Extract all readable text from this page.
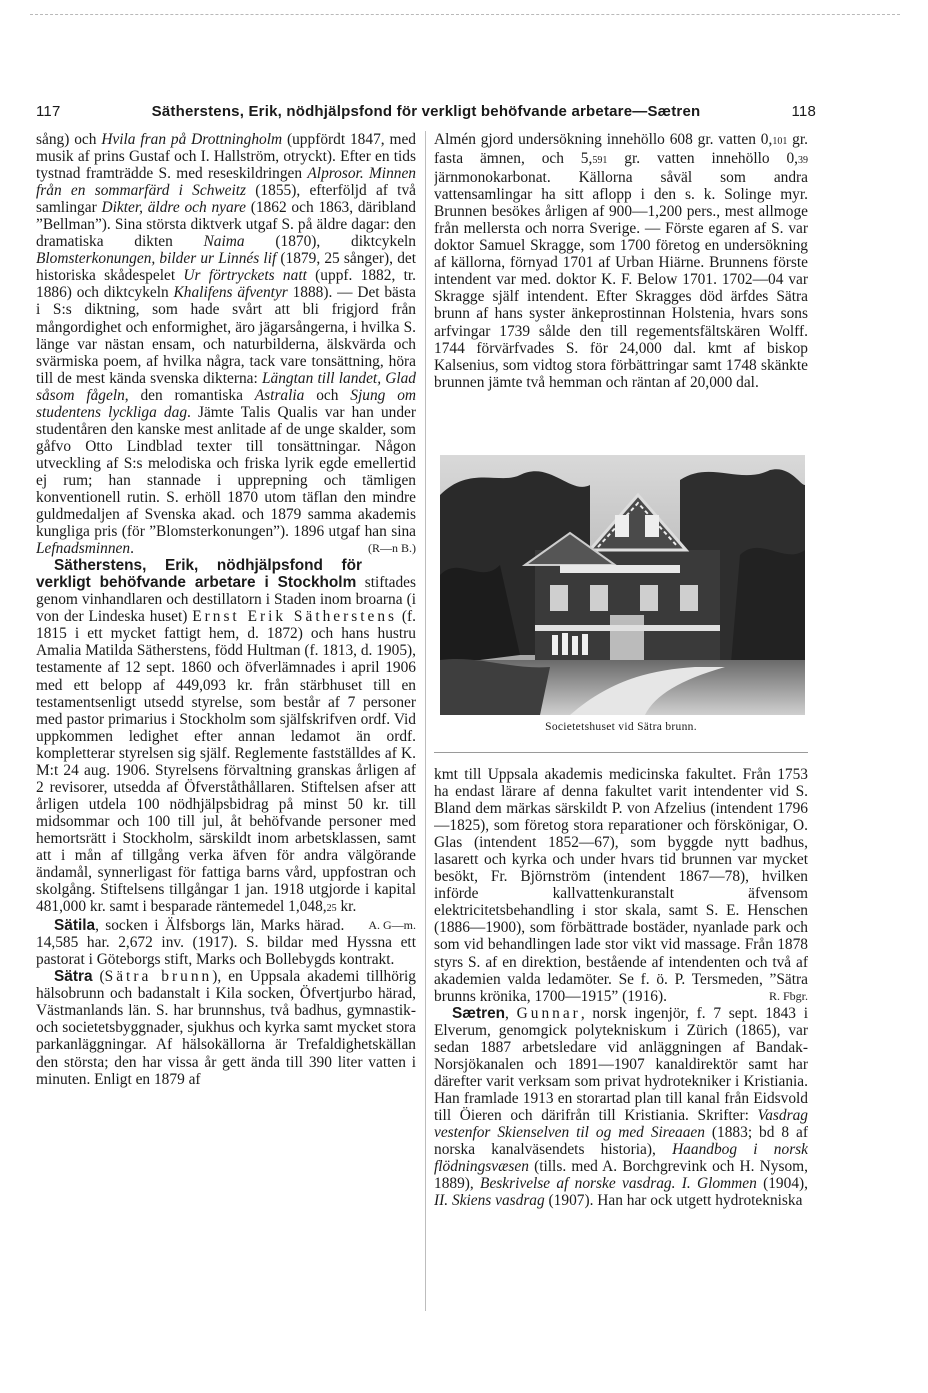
117	Sätherstens, Erik, nödhjälpsfond för verkligt behöfvande arbetare—Sætren	118

sång) och Hvila fran på Drottningholm (uppfördt 1847, med musik af prins Gustaf och I. Hallström, otryckt). Efter en tids tystnad framträdde S. med reseskildringen Alprosor. Minnen från en sommarfärd i Schweitz (1855), efterföljd af två samlingar Dikter, äldre och nyare (1862 och 1863, däribland ”Bellman”). Sina största diktverk utgaf S. på äldre dagar: den dramatiska dikten Naima (1870), diktcykeln Blomsterkonungen, bilder ur Linnés lif (1879, 25 sånger), det historiska skådespelet Ur förtryckets natt (uppf. 1882, tr. 1886) och diktcykeln Khalifens äfventyr 1888). — Det bästa i S:s diktning, som hade svårt att bli frigjord från mångordighet och enformighet, äro jägarsångerna, i hvilka S. länge var nästan ensam, och naturbilderna, älskvärda och svärmiska poem, af hvilka några, tack vare tonsättning, höra till de mest kända svenska dikterna: Längtan till landet, Glad såsom fågeln, den romantiska Astralia och Sjung om studentens lyckliga dag. Jämte Talis Qualis var han under studentåren den kanske mest anlitade af de unge skalder, som gåfvo Otto Lindblad texter till tonsättningar. Någon utveckling af S:s melodiska och friska lyrik egde emellertid ej rum; han stannade i upprepning och tämligen konventionell rutin. S. erhöll 1870 utom täflan den mindre guldmedaljen af Svenska akad. och 1879 samma akademis kungliga pris (för ”Blomsterkonungen”). 1896 utgaf han sina Lefnadsminnen.	(R—n B.)

Sätherstens, Erik, nödhjälpsfond för verkligt behöfvande arbetare i Stockholm stiftades genom vinhandlaren och destillatorn i Staden inom broarna (i von der Lindeska huset) Ernst Erik Sätherstens (f. 1815 i ett mycket fattigt hem, d. 1872) och hans hustru Amalia Matilda Sätherstens, född Hultman (f. 1813, d. 1905), testamente af 12 sept. 1860 och öfverlämnades i april 1906 med ett belopp af 449,093 kr. från stärbhuset till en testamentsenligt utsedd styrelse, som består af 7 personer med pastor primarius i Stockholm som själfskrifven ordf. Vid uppkommen ledighet efter annan ledamot än ordf. kompletterar styrelsen sig själf. Reglemente fastställdes af K. M:t 24 aug. 1906. Styrelsens förvaltning granskas årligen af 2 revisorer, utsedda af Öfverståthållaren. Stiftelsen afser att årligen utdela 100 nödhjälpsbidrag på minst 50 kr. till midsommar och 100 till jul, åt behöfvande personer med hemortsrätt i Stockholm, särskildt inom arbetsklassen, samt att i mån af tillgång verka äfven för andra välgörande ändamål, synnerligast för fattiga barns vård, uppfostran och skolgång. Stiftelsens tillgångar 1 jan. 1918 utgjorde i kapital 481,000 kr. samt i besparade räntemedel 1,048,25 kr.
A. G—m.

Sätila, socken i Älfsborgs län, Marks härad. 14,585 har. 2,672 inv. (1917). S. bildar med Hyssna ett pastorat i Göteborgs stift, Marks och Bollebygds kontrakt.

Sätra (Sätra brunn), en Uppsala akademi tillhörig hälsobrunn och badanstalt i Kila socken, Öfvertjurbo härad, Västmanlands län. S. har brunnshus, två badhus, gymnastik- och societetsbyggnader, sjukhus och kyrka samt mycket stora parkanläggningar. Af hälsokällorna är Trefaldighetskällan den största; den har vissa år gett ända till 390 liter vatten i minuten. Enligt en 1879 af

Almén gjord undersökning innehöllo 608 gr. vatten 0,101 gr. fasta ämnen, och 5,591 gr. vatten innehöllo 0,39 järnmonokarbonat. Källorna såväl som andra vattensamlingar ha sitt aflopp i den s. k. Solinge myr. Brunnen besökes årligen af 900—1,200 pers., mest allmoge från mellersta och norra Sverige. — Förste egaren af S. var doktor Samuel Skragge, som 1700 företog en undersökning af källorna, förnyad 1701 af Urban Hiärne. Brunnens förste intendent var med. doktor K. F. Below 1701. 1702—04 var Skragge själf intendent. Efter Skragges död ärfdes Sätra brunn af hans syster änkeprostinnan Holstenia, hvars sons arfvingar 1739 sålde den till regementsfältskären Wolff. 1744 förvärfvades S. för 24,000 dal. kmt af biskop Kalsenius, som vidtog stora förbättringar samt 1748 skänkte brunnen jämte två hemman och räntan af 20,000 dal.

Societetshuset vid Sätra brunn.

kmt till Uppsala akademis medicinska fakultet. Från 1753 ha endast lärare af denna fakultet varit intendenter vid S. Bland dem märkas särskildt P. von Afzelius (intendent 1796—1825), som företog stora reparationer och förskönigar, O. Glas (intendent 1852—67), som byggde nytt badhus, lasarett och kyrka och under hvars tid brunnen var mycket besökt, Fr. Björnström (intendent 1867—78), hvilken införde kallvattenkuranstalt äfvensom elektricitetsbehandling i stor skala, samt S. E. Henschen (1886—1900), som förbättrade bostäder, nyanlade park och som vid behandlingen lade stor vikt vid massage. Från 1878 styrs S. af en direktion, bestående af intendenten och två af akademien valda ledamöter. Se f. ö. P. Tersmeden, ”Sätra brunns krönika, 1700—1915” (1916).	R. Fbgr.

Sætren, Gunnar, norsk ingenjör, f. 7 sept. 1843 i Elverum, genomgick polytekniskum i Zürich (1865), var sedan 1887 arbetsledare vid anläggningen af Bandak-Norsjökanalen och 1891—1907 kanaldirektör samt har därefter varit verksam som privat hydrotekniker i Kristiania. Han framlade 1913 en storartad plan till kanal från Eidsvold till Öieren och därifrån till Kristiania. Skrifter: Vasdrag vestenfor Skienselven til og med Sireaaen (1883; bd 8 af norska kanalväsendets historia), Haandbog i norsk flödningsvæsen (tills. med A. Borchgrevink och H. Nysom, 1889), Beskrivelse af norske vasdrag. I. Glommen (1904), II. Skiens vasdrag (1907). Han har ock utgett hydrotekniska
